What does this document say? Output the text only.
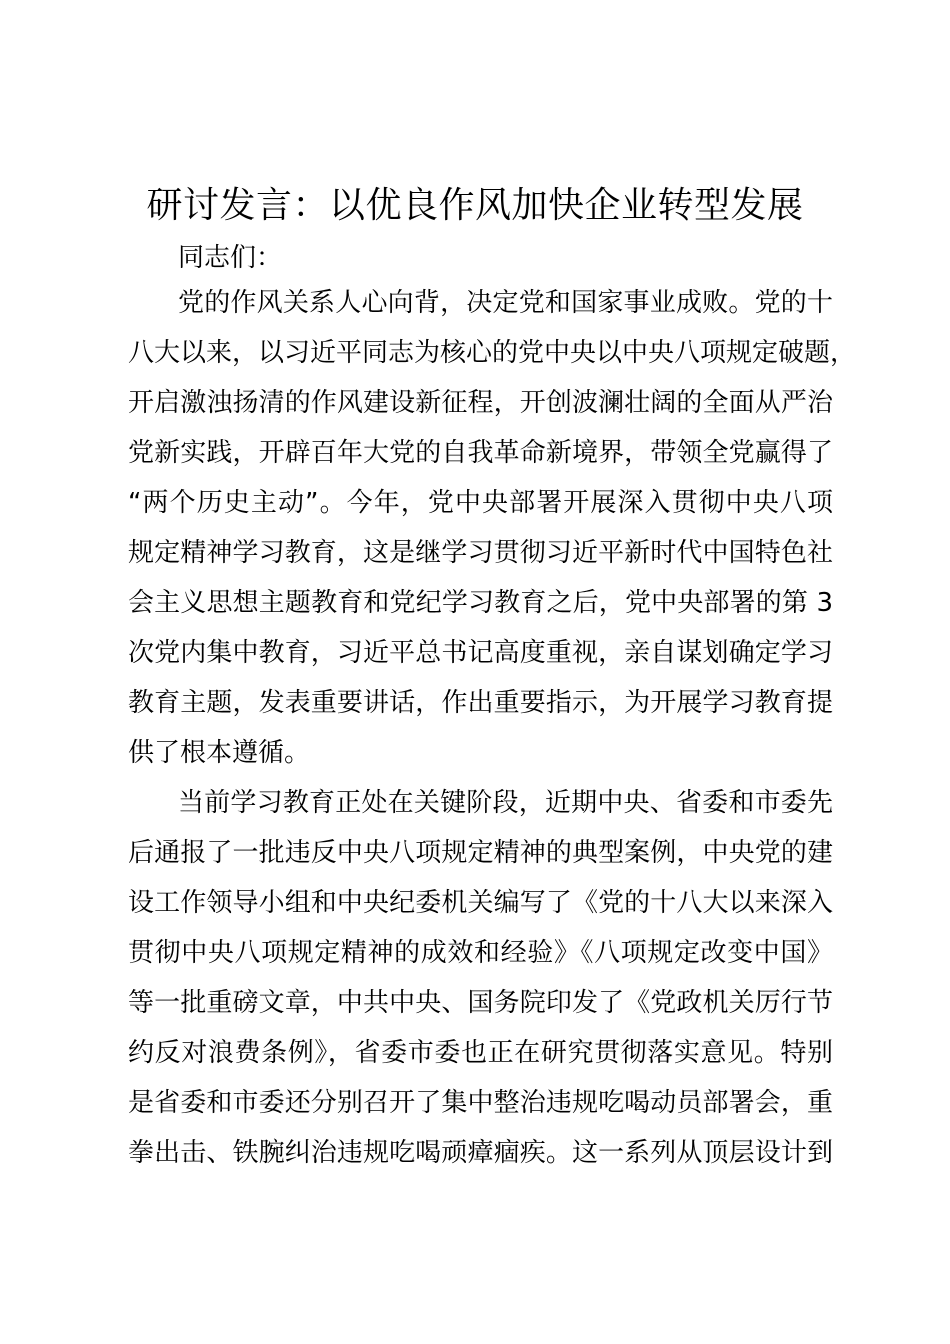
研讨发言：以优良作风加快企业转型发展

同志们：

党的作风关系人心向背，决定党和国家事业成败。党的十
八大以来，以习近平同志为核心的党中央以中央八项规定破题，
开启激浊扬清的作风建设新征程，开创波澜壮阔的全面从严治
党新实践，开辟百年大党的自我革命新境界，带领全党赢得了
“两个历史主动”。今年，党中央部署开展深入贯彻中央八项
规定精神学习教育，这是继学习贯彻习近平新时代中国特色社
会主义思想主题教育和党纪学习教育之后，党中央部署的第 3
次党内集中教育，习近平总书记高度重视，亲自谋划确定学习
教育主题，发表重要讲话，作出重要指示，为开展学习教育提
供了根本遵循。
当前学习教育正处在关键阶段，近期中央、省委和市委先
后通报了一批违反中央八项规定精神的典型案例，中央党的建
设工作领导小组和中央纪委机关编写了《党的十八大以来深入
贯彻中央八项规定精神的成效和经验》《八项规定改变中国》
等一批重磅文章，中共中央、国务院印发了《党政机关厉行节
约反对浪费条例》，省委市委也正在研究贯彻落实意见。特别
是省委和市委还分别召开了集中整治违规吃喝动员部署会，重
拳出击、铁腕纠治违规吃喝顽瘴痼疾。这一系列从顶层设计到
